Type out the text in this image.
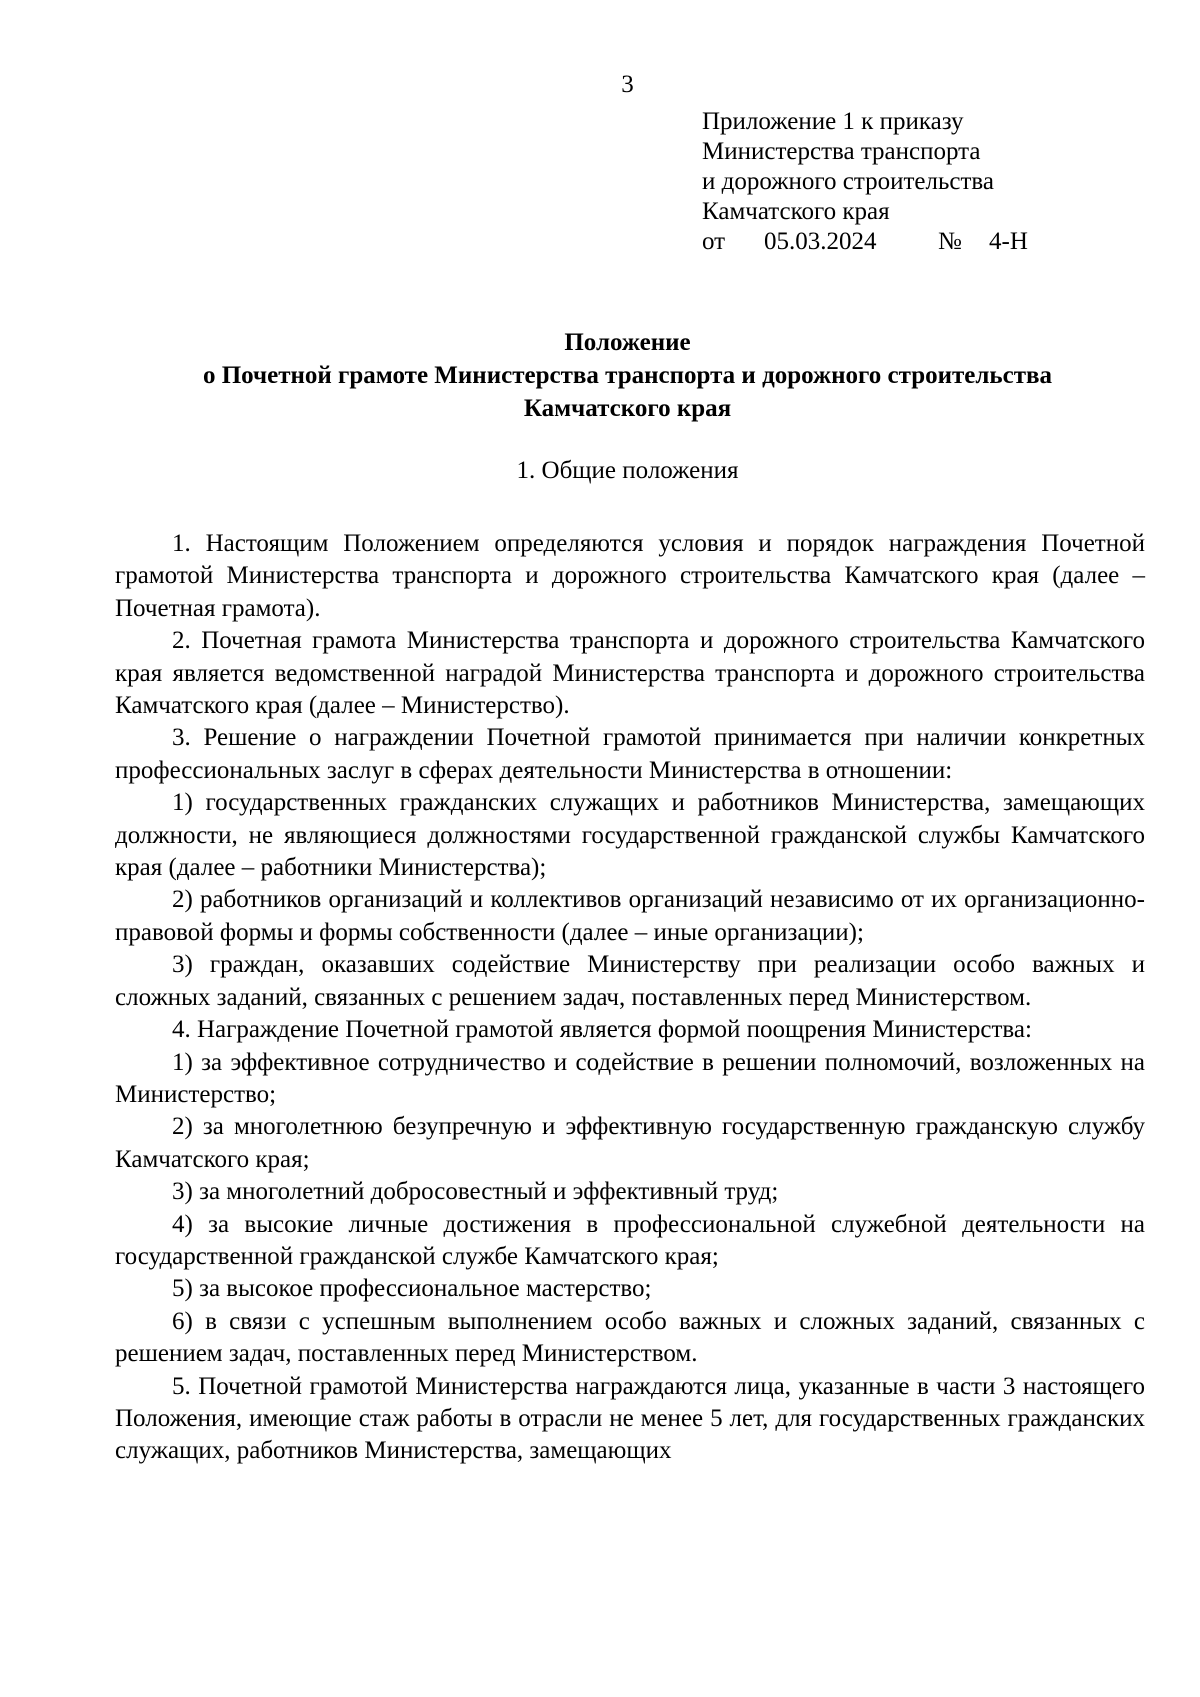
3
Приложение 1 к приказу
Министерства транспорта
и дорожного строительства
Камчатского края
от 05.03.2024 № 4-Н
Положение
о Почетной грамоте Министерства транспорта и дорожного строительства
Камчатского края
1. Общие положения

1. Настоящим Положением определяются условия и порядок награждения Почетной грамотой Министерства транспорта и дорожного строительства Камчатского края (далее – Почетная грамота).

2. Почетная грамота Министерства транспорта и дорожного строительства Камчатского края является ведомственной наградой Министерства транспорта и дорожного строительства Камчатского края (далее – Министерство).

3. Решение о награждении Почетной грамотой принимается при наличии конкретных профессиональных заслуг в сферах деятельности Министерства в отношении:

1) государственных гражданских служащих и работников Министерства, замещающих должности, не являющиеся должностями государственной гражданской службы Камчатского края (далее – работники Министерства);

2) работников организаций и коллективов организаций независимо от их организационно-правовой формы и формы собственности (далее – иные организации);

3) граждан, оказавших содействие Министерству при реализации особо важных и сложных заданий, связанных с решением задач, поставленных перед Министерством.

4. Награждение Почетной грамотой является формой поощрения Министерства:

1) за эффективное сотрудничество и содействие в решении полномочий, возложенных на Министерство;

2) за многолетнюю безупречную и эффективную государственную гражданскую службу Камчатского края;

3) за многолетний добросовестный и эффективный труд;

4) за высокие личные достижения в профессиональной служебной деятельности на государственной гражданской службе Камчатского края;

5) за высокое профессиональное мастерство;

6) в связи с успешным выполнением особо важных и сложных заданий, связанных с решением задач, поставленных перед Министерством.

5. Почетной грамотой Министерства награждаются лица, указанные в части 3 настоящего Положения, имеющие стаж работы в отрасли не менее 5 лет, для государственных гражданских служащих, работников Министерства, замещающих
